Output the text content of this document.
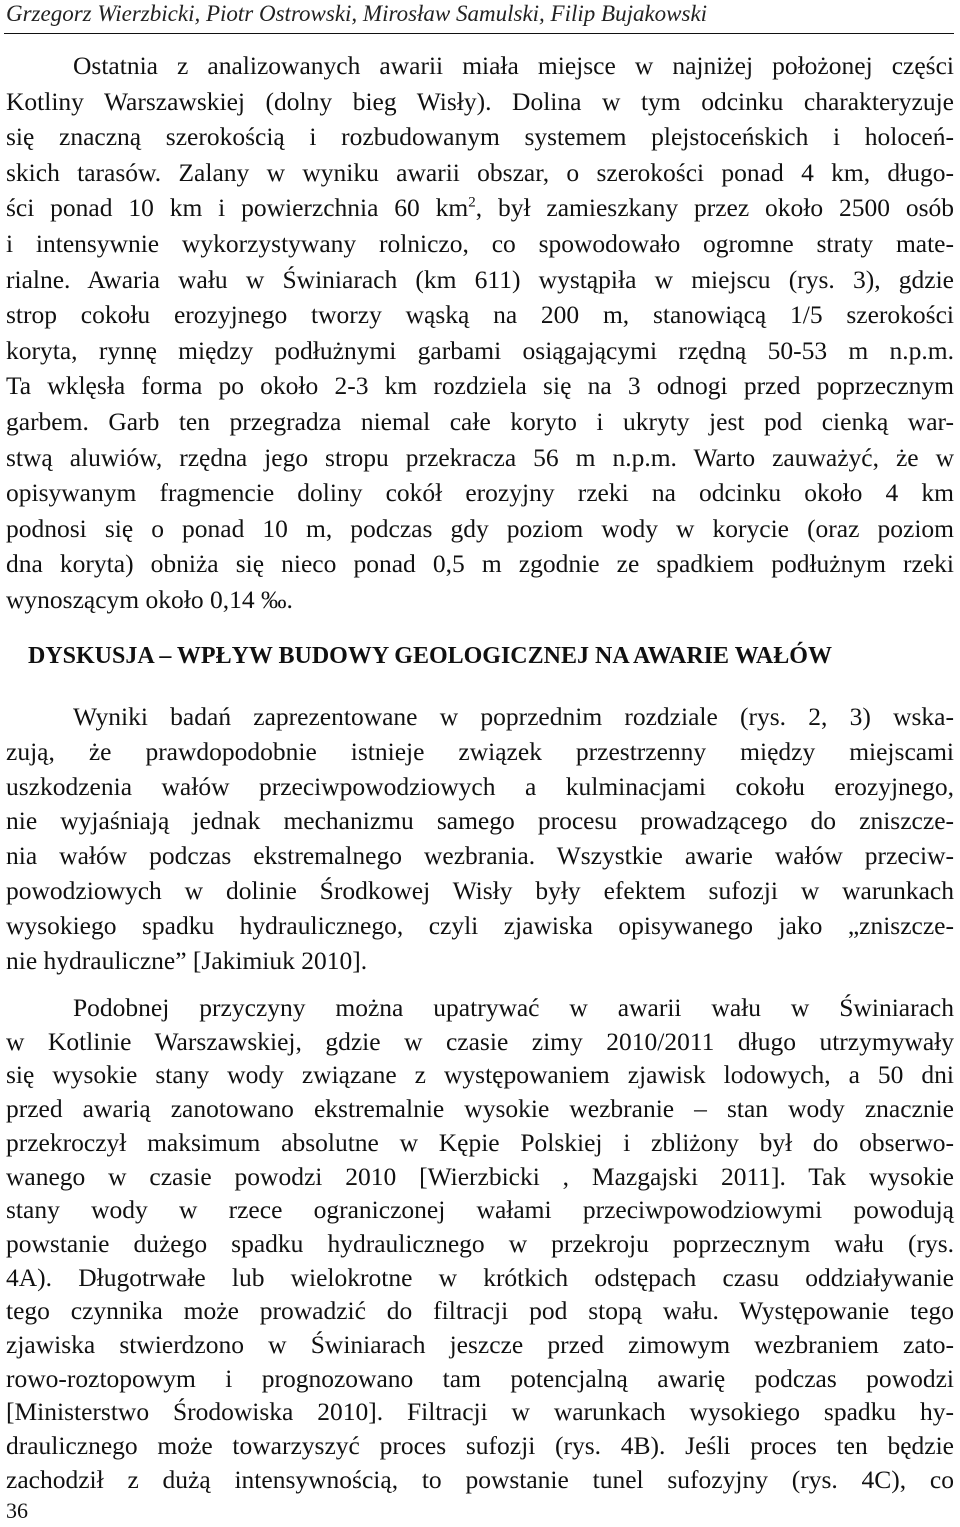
Grzegorz Wierzbicki, Piotr Ostrowski, Mirosław Samulski, Filip Bujakowski
Ostatnia z analizowanych awarii miała miejsce w najniżej położonej części
Kotliny Warszawskiej (dolny bieg Wisły). Dolina w tym odcinku charakteryzuje
się znaczną szerokością i rozbudowanym systemem plejstoceńskich i holoceń-
skich tarasów. Zalany w wyniku awarii obszar, o szerokości ponad 4 km, długo-
ści ponad 10 km i powierzchnia 60 $km^2$, był zamieszkany przez około 2500 osób
i intensywnie wykorzystywany rolniczo, co spowodowało ogromne straty mate-
rialne. Awaria wału w Świniarach (km 611) wystąpiła w miejscu (rys. 3), gdzie
strop cokołu erozyjnego tworzy wąską na 200 m, stanowiącą 1/5 szerokości
koryta, rynnę między podłużnymi garbami osiągającymi rzędną 50-53 m n.p.m.
Ta wklęsła forma po około 2-3 km rozdziela się na 3 odnogi przed poprzecznym
garbem. Garb ten przegradza niemal całe koryto i ukryty jest pod cienką war-
stwą aluwiów, rzędna jego stropu przekracza 56 m n.p.m. Warto zauważyć, że w
opisywanym fragmencie doliny cokół erozyjny rzeki na odcinku około 4 km
podnosi się o ponad 10 m, podczas gdy poziom wody w korycie (oraz poziom
dna koryta) obniża się nieco ponad 0,5 m zgodnie ze spadkiem podłużnym rzeki
wynoszącym około 0,14 ‰.
DYSKUSJA – WPŁYW BUDOWY GEOLOGICZNEJ NA AWARIE WAŁÓW
Wyniki badań zaprezentowane w poprzednim rozdziale (rys. 2, 3) wska-
zują, że prawdopodobnie istnieje związek przestrzenny między miejscami
uszkodzenia wałów przeciwpowodziowych a kulminacjami cokołu erozyjnego,
nie wyjaśniają jednak mechanizmu samego procesu prowadzącego do zniszcze-
nia wałów podczas ekstremalnego wezbrania. Wszystkie awarie wałów przeciw-
powodziowych w dolinie Środkowej Wisły były efektem sufozji w warunkach
wysokiego spadku hydraulicznego, czyli zjawiska opisywanego jako „zniszcze-
nie hydrauliczne” [Jakimiuk 2010].
Podobnej przyczyny można upatrywać w awarii wału w Świniarach
w Kotlinie Warszawskiej, gdzie w czasie zimy 2010/2011 długo utrzymywały
się wysokie stany wody związane z występowaniem zjawisk lodowych, a 50 dni
przed awarią zanotowano ekstremalnie wysokie wezbranie – stan wody znacznie
przekroczył maksimum absolutne w Kępie Polskiej i zbliżony był do obserwo-
wanego w czasie powodzi 2010 [Wierzbicki , Mazgajski 2011]. Tak wysokie
stany wody w rzece ograniczonej wałami przeciwpowodziowymi powodują
powstanie dużego spadku hydraulicznego w przekroju poprzecznym wału (rys.
4A). Długotrwałe lub wielokrotne w krótkich odstępach czasu oddziaływanie
tego czynnika może prowadzić do filtracji pod stopą wału. Występowanie tego
zjawiska stwierdzono w Świniarach jeszcze przed zimowym wezbraniem zato-
rowo-roztopowym i prognozowano tam potencjalną awarię podczas powodzi
[Ministerstwo Środowiska 2010]. Filtracji w warunkach wysokiego spadku hy-
draulicznego może towarzyszyć proces sufozji (rys. 4B). Jeśli proces ten będzie
zachodził z dużą intensywnością, to powstanie tunel sufozyjny (rys. 4C), co
36
